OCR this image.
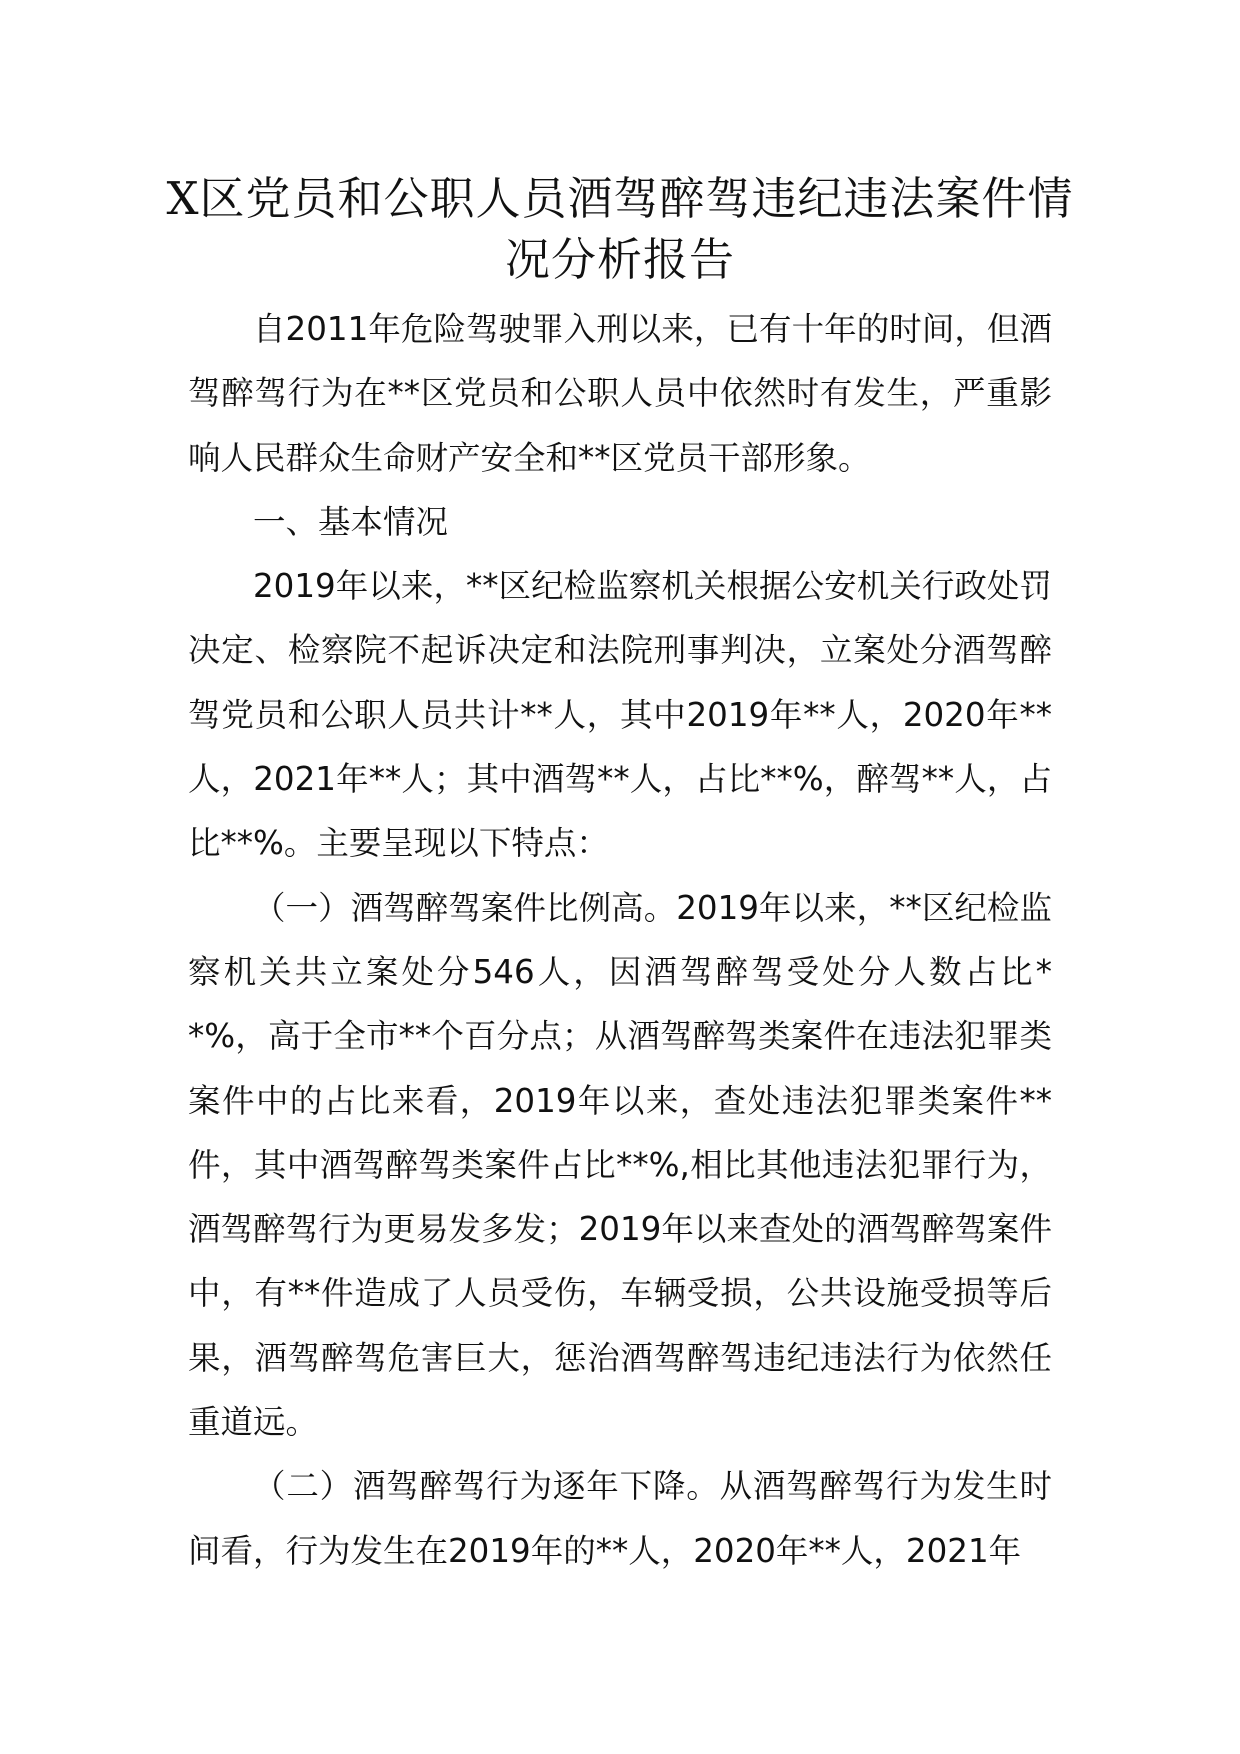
X区党员和公职人员酒驾醉驾违纪违法案件情况分析报告

自2011年危险驾驶罪入刑以来，已有十年的时间，但酒驾醉驾行为在**区党员和公职人员中依然时有发生，严重影响人民群众生命财产安全和**区党员干部形象。

一、基本情况

2019年以来，**区纪检监察机关根据公安机关行政处罚决定、检察院不起诉决定和法院刑事判决，立案处分酒驾醉驾党员和公职人员共计**人，其中2019年**人，2020年**人，2021年**人；其中酒驾**人，占比**%，醉驾**人，占比**%。主要呈现以下特点：

（一）酒驾醉驾案件比例高。2019年以来，**区纪检监察机关共立案处分546人，因酒驾醉驾受处分人数占比**%，高于全市**个百分点；从酒驾醉驾类案件在违法犯罪类案件中的占比来看，2019年以来，查处违法犯罪类案件**件，其中酒驾醉驾类案件占比**%,相比其他违法犯罪行为，酒驾醉驾行为更易发多发；2019年以来查处的酒驾醉驾案件中，有**件造成了人员受伤，车辆受损，公共设施受损等后果，酒驾醉驾危害巨大，惩治酒驾醉驾违纪违法行为依然任重道远。

（二）酒驾醉驾行为逐年下降。从酒驾醉驾行为发生时间看，行为发生在2019年的**人，2020年**人，2021年
